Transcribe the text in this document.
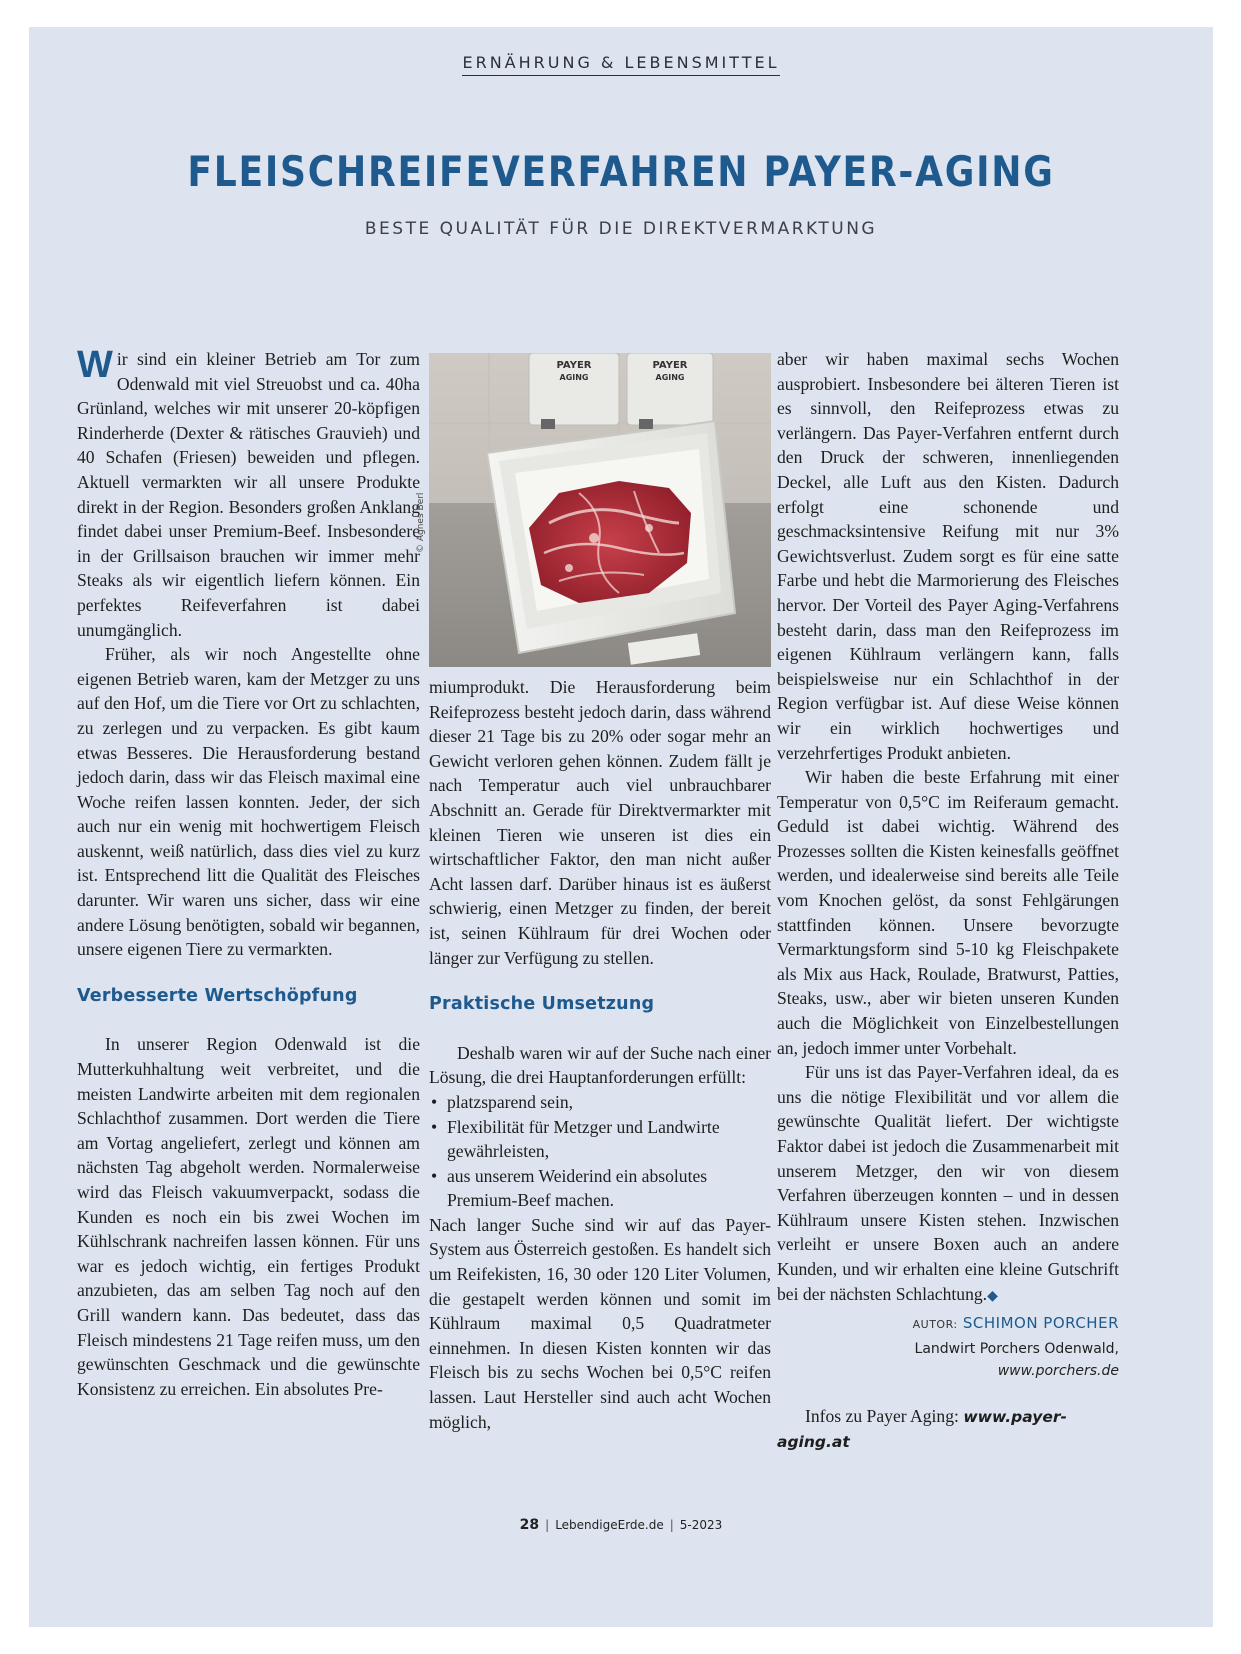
ERNÄHRUNG & LEBENSMITTEL
FLEISCHREIFEVERFAHREN PAYER-AGING
BESTE QUALITÄT FÜR DIE DIREKTVERMARKTUNG

Wir sind ein kleiner Betrieb am Tor zum Odenwald mit viel Streuobst und ca. 40ha Grünland, welches wir mit unserer 20-köpfigen Rinderherde (Dexter & rätisches Grauvieh) und 40 Schafen (Friesen) beweiden und pflegen. Aktuell vermarkten wir all unsere Produkte direkt in der Region. Besonders großen Anklang findet dabei unser Premium-Beef. Insbesondere in der Grillsaison brauchen wir immer mehr Steaks als wir eigentlich liefern können. Ein perfektes Reifeverfahren ist dabei unumgänglich.

Früher, als wir noch Angestellte ohne eigenen Betrieb waren, kam der Metzger zu uns auf den Hof, um die Tiere vor Ort zu schlachten, zu zerlegen und zu verpacken. Es gibt kaum etwas Besseres. Die Herausforderung bestand jedoch darin, dass wir das Fleisch maximal eine Woche reifen lassen konnten. Jeder, der sich auch nur ein wenig mit hochwertigem Fleisch auskennt, weiß natürlich, dass dies viel zu kurz ist. Entsprechend litt die Qualität des Fleisches darunter. Wir waren uns sicher, dass wir eine andere Lösung benötigten, sobald wir begannen, unsere eigenen Tiere zu vermarkten.

Verbesserte Wertschöpfung

In unserer Region Odenwald ist die Mutterkuhhaltung weit verbreitet, und die meisten Landwirte arbeiten mit dem regionalen Schlachthof zusammen. Dort werden die Tiere am Vortag angeliefert, zerlegt und können am nächsten Tag abgeholt werden. Normalerweise wird das Fleisch vakuumverpackt, sodass die Kunden es noch ein bis zwei Wochen im Kühlschrank nachreifen lassen können. Für uns war es jedoch wichtig, ein fertiges Produkt anzubieten, das am selben Tag noch auf den Grill wandern kann. Das bedeutet, dass das Fleisch mindestens 21 Tage reifen muss, um den gewünschten Geschmack und die gewünschte Konsistenz zu erreichen. Ein absolutes Pre-

© Agnes Berl
PAYER
AGING
PAYER
AGING

miumprodukt. Die Herausforderung beim Reifeprozess besteht jedoch darin, dass während dieser 21 Tage bis zu 20% oder sogar mehr an Gewicht verloren gehen können. Zudem fällt je nach Temperatur auch viel unbrauchbarer Abschnitt an. Gerade für Direktvermarkter mit kleinen Tieren wie unseren ist dies ein wirtschaftlicher Faktor, den man nicht außer Acht lassen darf. Darüber hinaus ist es äußerst schwierig, einen Metzger zu finden, der bereit ist, seinen Kühlraum für drei Wochen oder länger zur Verfügung zu stellen.

Praktische Umsetzung

Deshalb waren wir auf der Suche nach einer Lösung, die drei Hauptanforderungen erfüllt:

• platzsparend sein,
• Flexibilität für Metzger und Landwirte gewährleisten,
• aus unserem Weiderind ein absolutes Premium-Beef machen.

Nach langer Suche sind wir auf das Payer-System aus Österreich gestoßen. Es handelt sich um Reifekisten, 16, 30 oder 120 Liter Volumen, die gestapelt werden können und somit im Kühlraum maximal 0,5 Quadratmeter einnehmen. In diesen Kisten konnten wir das Fleisch bis zu sechs Wochen bei 0,5°C reifen lassen. Laut Hersteller sind auch acht Wochen möglich,

aber wir haben maximal sechs Wochen ausprobiert. Insbesondere bei älteren Tieren ist es sinnvoll, den Reifeprozess etwas zu verlängern. Das Payer-Verfahren entfernt durch den Druck der schweren, innenliegenden Deckel, alle Luft aus den Kisten. Dadurch erfolgt eine schonende und geschmacksintensive Reifung mit nur 3% Gewichtsverlust. Zudem sorgt es für eine satte Farbe und hebt die Marmorierung des Fleisches hervor. Der Vorteil des Payer Aging-Verfahrens besteht darin, dass man den Reifeprozess im eigenen Kühlraum verlängern kann, falls beispielsweise nur ein Schlachthof in der Region verfügbar ist. Auf diese Weise können wir ein wirklich hochwertiges und verzehrfertiges Produkt anbieten.

Wir haben die beste Erfahrung mit einer Temperatur von 0,5°C im Reiferaum gemacht. Geduld ist dabei wichtig. Während des Prozesses sollten die Kisten keinesfalls geöffnet werden, und idealerweise sind bereits alle Teile vom Knochen gelöst, da sonst Fehlgärungen stattfinden können. Unsere bevorzugte Vermarktungsform sind 5-10 kg Fleischpakete als Mix aus Hack, Roulade, Bratwurst, Patties, Steaks, usw., aber wir bieten unseren Kunden auch die Möglichkeit von Einzelbestellungen an, jedoch immer unter Vorbehalt.

Für uns ist das Payer-Verfahren ideal, da es uns die nötige Flexibilität und vor allem die gewünschte Qualität liefert. Der wichtigste Faktor dabei ist jedoch die Zusammenarbeit mit unserem Metzger, den wir von diesem Verfahren überzeugen konnten – und in dessen Kühlraum unsere Kisten stehen. Inzwischen verleiht er unsere Boxen auch an andere Kunden, und wir erhalten eine kleine Gutschrift bei der nächsten Schlachtung.◆

AUTOR: SCHIMON PORCHER
Landwirt Porchers Odenwald,
www.porchers.de

Infos zu Payer Aging: www.payer-aging.at

28 | LebendigeErde.de | 5-2023
